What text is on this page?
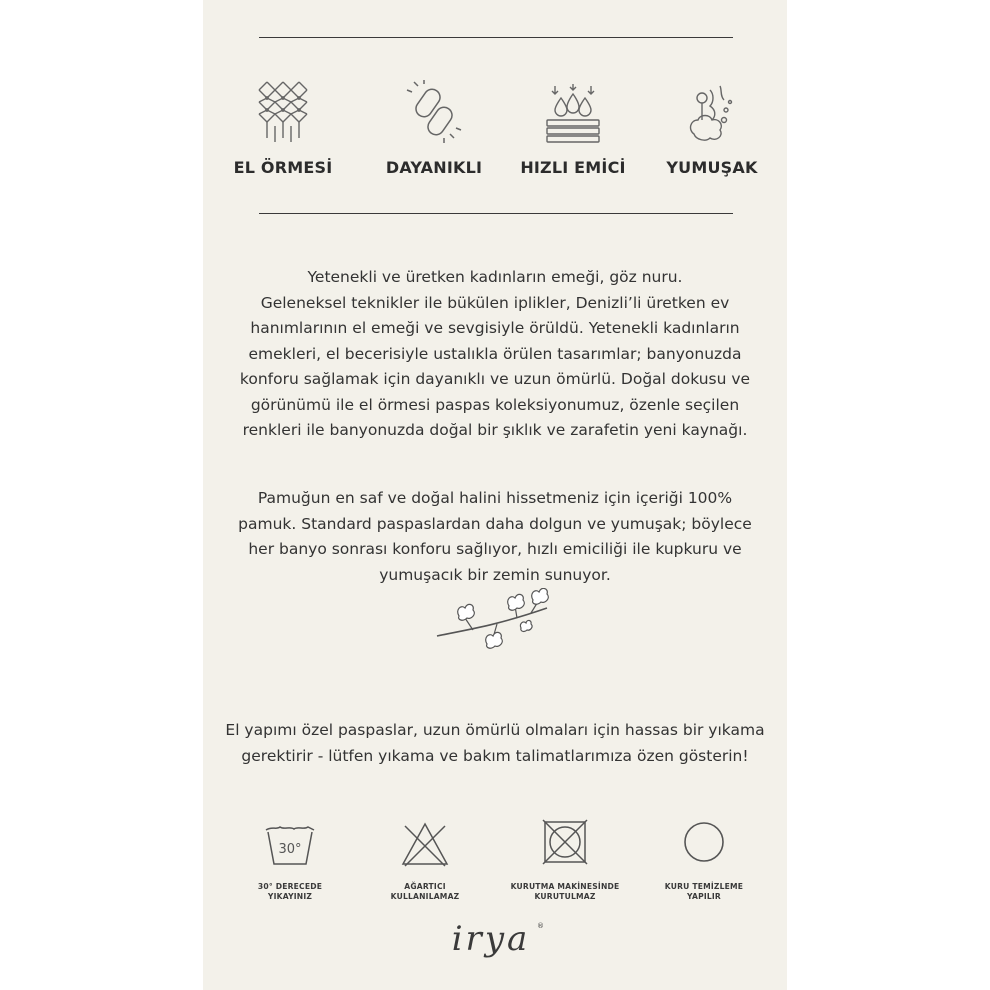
EL ÖRMESİ	DAYANIKLI	HIZLI EMİCİ	YUMUŞAK
Yetenekli ve üretken kadınların emeği, göz nuru.
Geleneksel teknikler ile bükülen iplikler, Denizli’li üretken ev
hanımlarının el emeği ve sevgisiyle örüldü. Yetenekli kadınların
emekleri, el becerisiyle ustalıkla örülen tasarımlar; banyonuzda
konforu sağlamak için dayanıklı ve uzun ömürlü. Doğal dokusu ve
görünümü ile el örmesi paspas koleksiyonumuz, özenle seçilen
renkleri ile banyonuzda doğal bir şıklık ve zarafetin yeni kaynağı.
Pamuğun en saf ve doğal halini hissetmeniz için içeriği 100%
pamuk. Standard paspaslardan daha dolgun ve yumuşak; böylece
her banyo sonrası konforu sağlıyor, hızlı emiciliği ile kupkuru ve
yumuşacık bir zemin sunuyor.
El yapımı özel paspaslar, uzun ömürlü olmaları için hassas bir yıkama
gerektirir - lütfen yıkama ve bakım talimatlarımıza özen gösterin!
30°
30° DERECEDE
YIKAYINIZ
AĞARTICI
KULLANILAMAZ
KURUTMA MAKİNESİNDE
KURUTULMAZ
KURU TEMİZLEME
YAPILIR
irya ®
